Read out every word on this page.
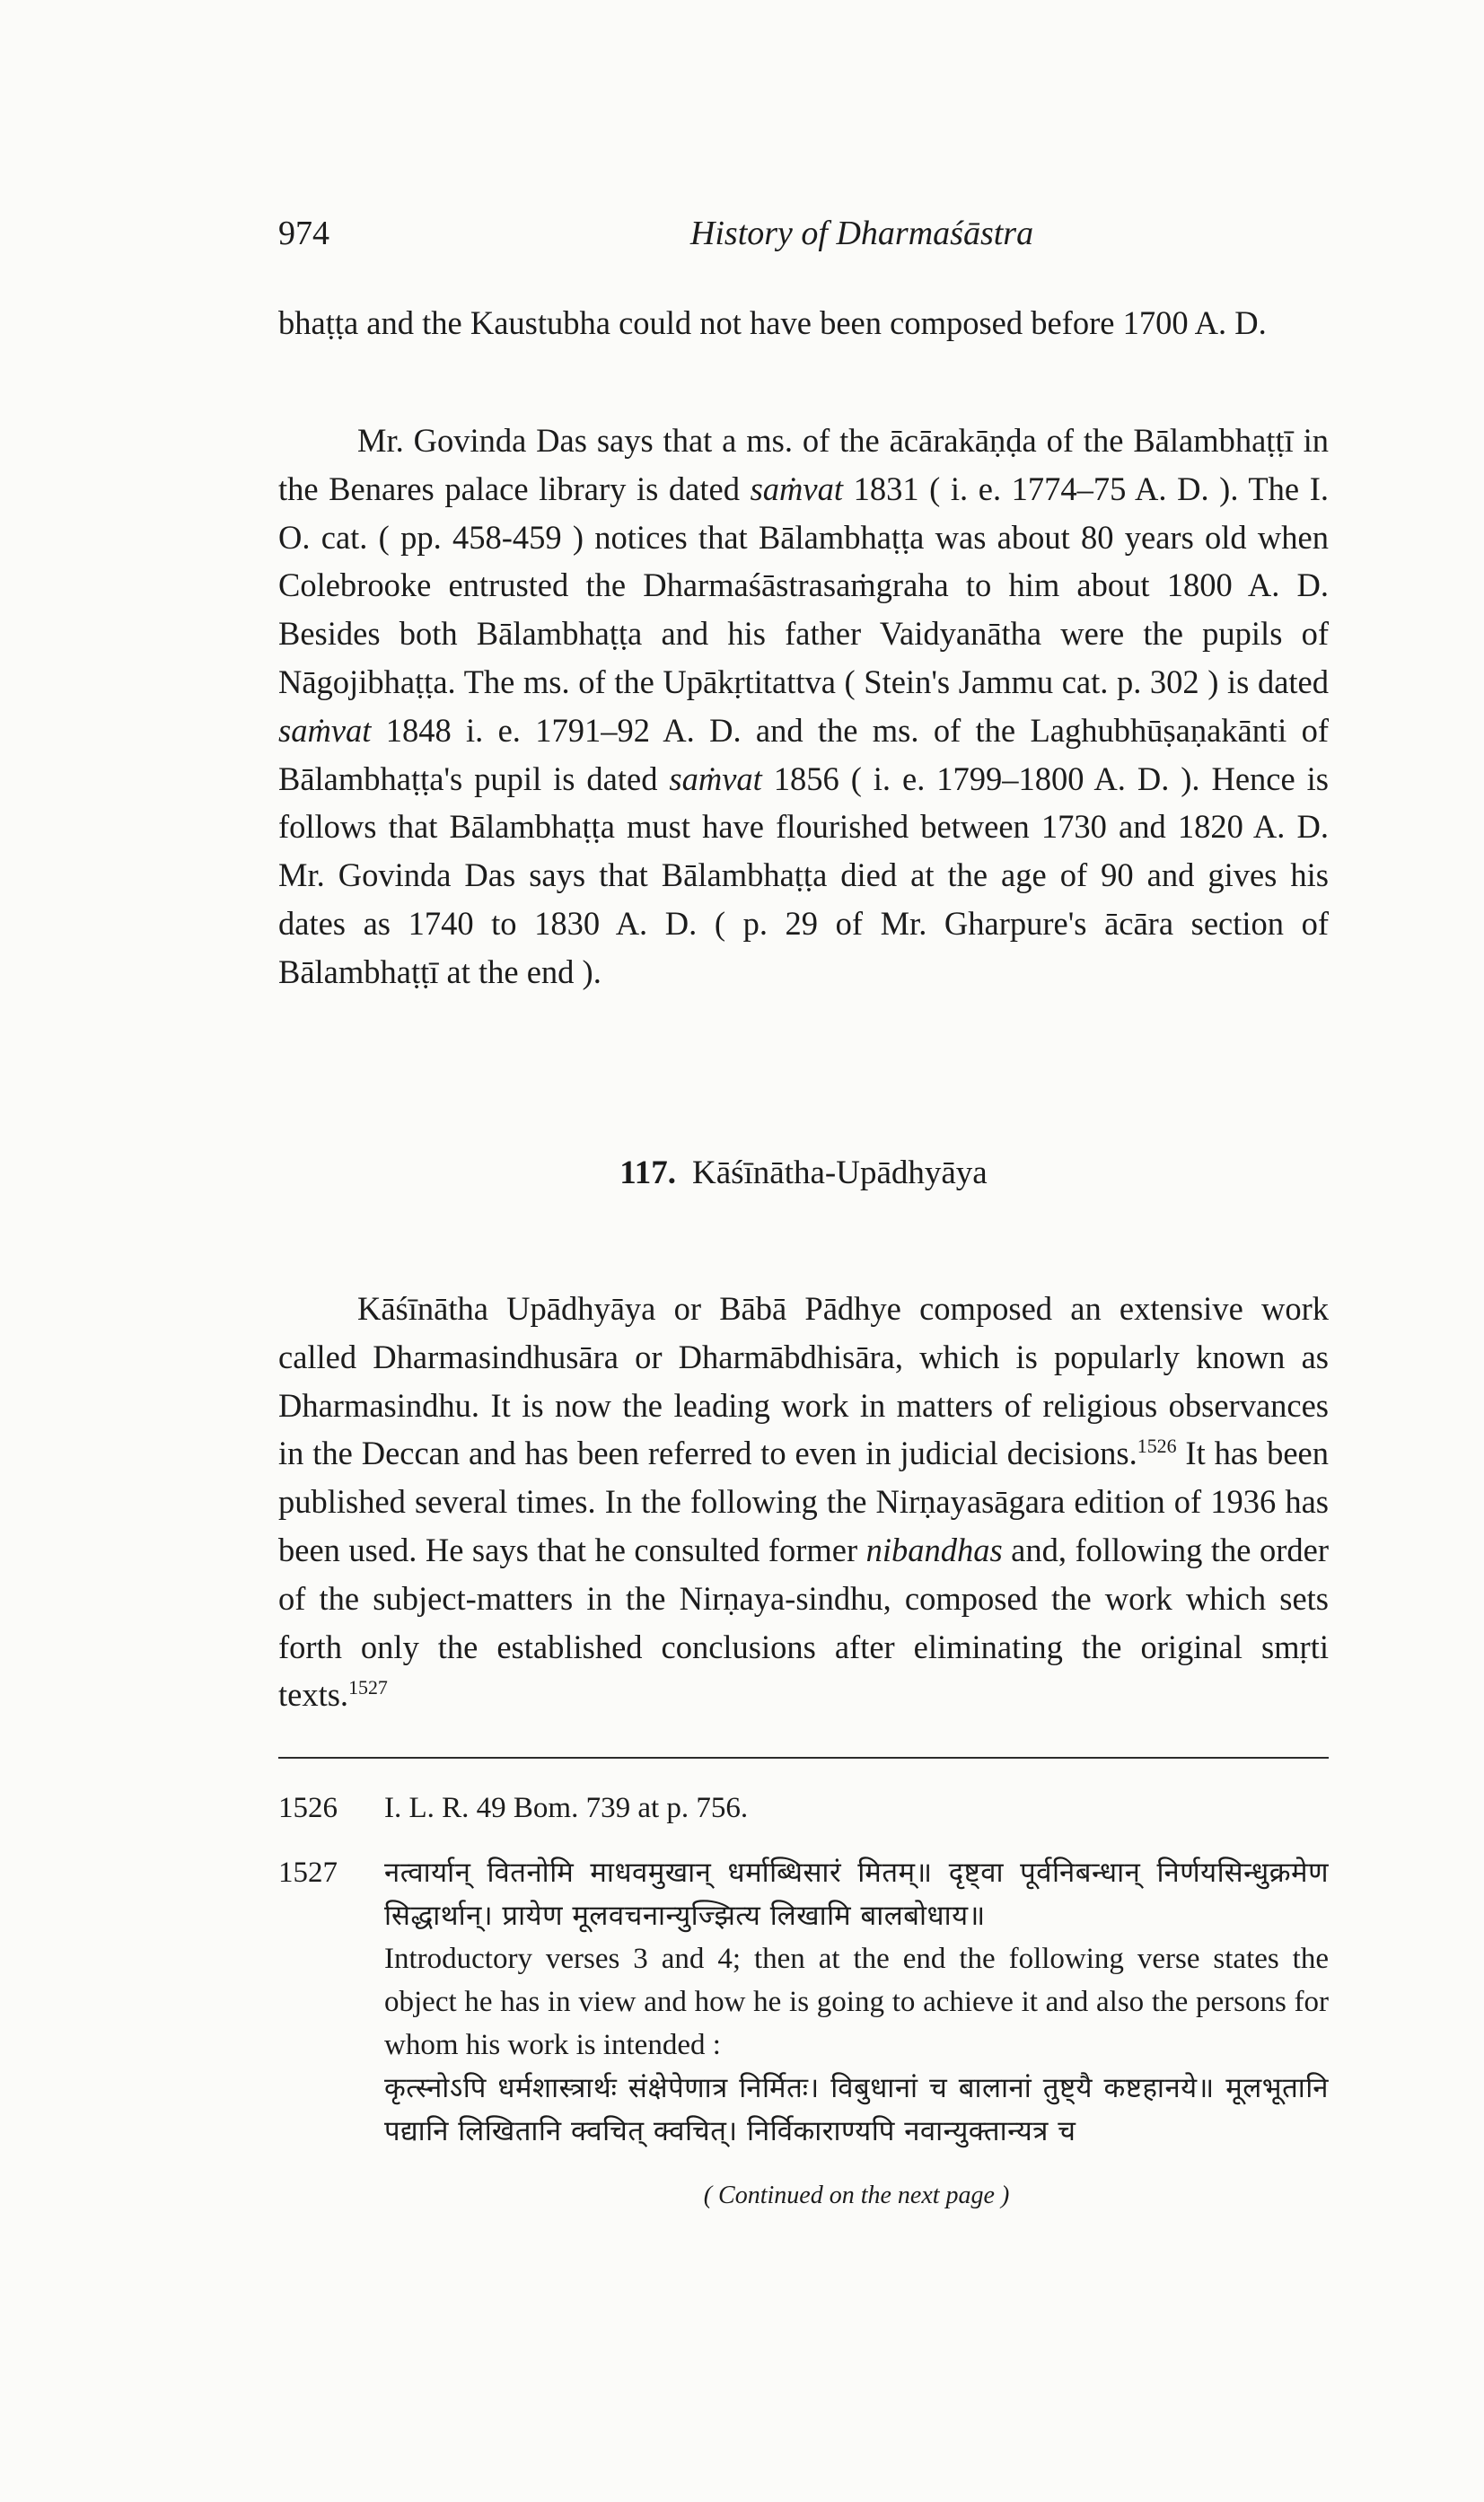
974	History of Dharmaśāstra

bhaṭṭa and the Kaustubha could not have been composed before 1700 A. D.

Mr. Govinda Das says that a ms. of the ācārakāṇḍa of the Bālambhaṭṭī in the Benares palace library is dated saṁvat 1831 ( i. e. 1774–75 A. D. ). The I. O. cat. ( pp. 458-459 ) notices that Bālambhaṭṭa was about 80 years old when Colebrooke entrusted the Dharmaśāstrasaṁgraha to him about 1800 A. D. Besides both Bālambhaṭṭa and his father Vaidyanātha were the pupils of Nāgojibhaṭṭa. The ms. of the Upākṛtitattva ( Stein's Jammu cat. p. 302 ) is dated saṁvat 1848 i. e. 1791–92 A. D. and the ms. of the Laghubhūṣaṇakānti of Bālambhaṭṭa's pupil is dated saṁvat 1856 ( i. e. 1799–1800 A. D. ). Hence is follows that Bālambhaṭṭa must have flourished between 1730 and 1820 A. D. Mr. Govinda Das says that Bālambhaṭṭa died at the age of 90 and gives his dates as 1740 to 1830 A. D. ( p. 29 of Mr. Gharpure's ācāra section of Bālambhaṭṭī at the end ).

117. Kāśīnātha-Upādhyāya

Kāśīnātha Upādhyāya or Bābā Pādhye composed an extensive work called Dharmasindhusāra or Dharmābdhisāra, which is popularly known as Dharmasindhu. It is now the leading work in matters of religious observances in the Deccan and has been referred to even in judicial decisions.$^{1526}$ It has been published several times. In the following the Nirṇayasāgara edition of 1936 has been used. He says that he consulted former nibandhas and, following the order of the subject-matters in the Nirṇaya-sindhu, composed the work which sets forth only the established conclusions after eliminating the original smṛti texts.$^{1527}$

1526 I. L. R. 49 Bom. 739 at p. 756.
1527 नत्वार्यान् वितनोमि माधवमुखान् धर्माब्धिसारं मितम्॥ दृष्ट्वा पूर्वनिबन्धान् निर्णयसिन्धुक्रमेण सिद्धार्थान्। प्रायेण मूलवचनान्युज्झित्य लिखामि बालबोधाय॥
Introductory verses 3 and 4; then at the end the following verse states the object he has in view and how he is going to achieve it and also the persons for whom his work is intended :
कृत्स्नोऽपि धर्मशास्त्रार्थः संक्षेपेणात्र निर्मितः। विबुधानां च बालानां तुष्ट्यै कष्टहानये॥ मूलभूतानि पद्यानि लिखितानि क्वचित् क्वचित्। निर्विकाराण्यपि नवान्युक्तान्यत्र च
( Continued on the next page )
